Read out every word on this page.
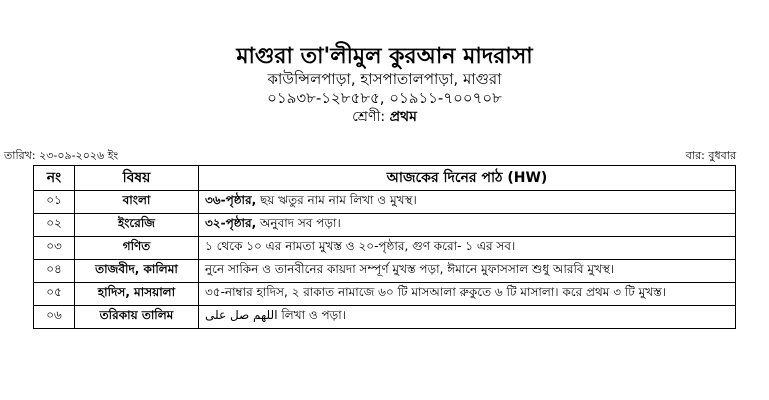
মাগুরা তা'লীমুল কুরআন মাদরাসা
কাউন্সিলপাড়া, হাসপাতালপাড়া, মাগুরা
০১৯৩৮-১২৮৫৮৫, ০১৯১১-৭০০৭০৮
শ্রেণী: প্রথম
তারিখ: ২৩-০৯-২০২৬ ইং	বার: বুধবার
নং	বিষয়	আজকের দিনের পাঠ (HW)
০১	বাংলা	৩৬-পৃষ্ঠার, ছয় ঋতুর নাম নাম লিখা ও মুখস্থ।
০২	ইংরেজি	৩২-পৃষ্ঠার, অনুবাদ সব পড়া।
০৩	গণিত	১ থেকে ১০ এর নামতা মুখস্ত ও ২০-পৃষ্ঠার, গুণ করো- ১ এর সব।
০৪	তাজবীদ, কালিমা	নুনে সাকিন ও তানবীনের কায়দা সম্পূর্ণ মুখস্ত পড়া, ঈমানে মুফাসসাল শুধু আরবি মুখস্থ।
০৫	হাদিস, মাসয়ালা	৩৫-নাম্বার হাদিস, ২ রাকাত নামাজে ৬০ টি মাসআলা রুকুতে ৬ টি মাসালা। করে প্রথম ৩ টি মুখস্ত।
০৬	তরিকায় তালিম	اللهم صل على লিখা ও পড়া।
